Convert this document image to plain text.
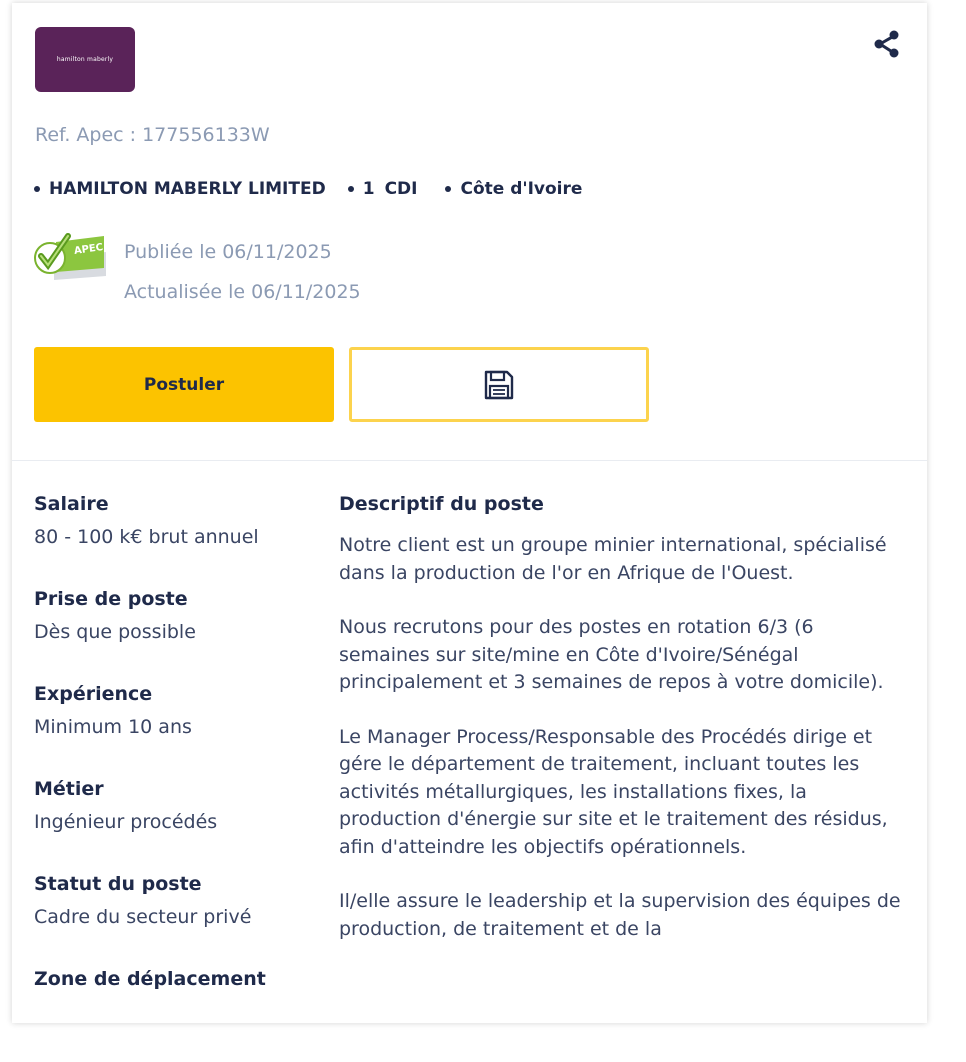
hamilton maberly
Ref. Apec : 177556133W
HAMILTON MABERLY LIMITED 1 CDI	Côte d'Ivoire
APEC Publiée le 06/11/2025
Actualisée le 06/11/2025
Postuler
Salaire
80 - 100 k€ brut annuel
Prise de poste
Dès que possible
Expérience
Minimum 10 ans
Métier
Ingénieur procédés
Statut du poste
Cadre du secteur privé
Zone de déplacement
Descriptif du poste

Notre client est un groupe minier international, spécialisé dans la production de l'or en Afrique de l'Ouest.

Nous recrutons pour des postes en rotation 6/3 (6 semaines sur site/mine en Côte d'Ivoire/Sénégal principalement et 3 semaines de repos à votre domicile).

Le Manager Process/Responsable des Procédés dirige et gére le département de traitement, incluant toutes les activités métallurgiques, les installations fixes, la production d'énergie sur site et le traitement des résidus, afin d'atteindre les objectifs opérationnels.

Il/elle assure le leadership et la supervision des équipes de production, de traitement et de la
